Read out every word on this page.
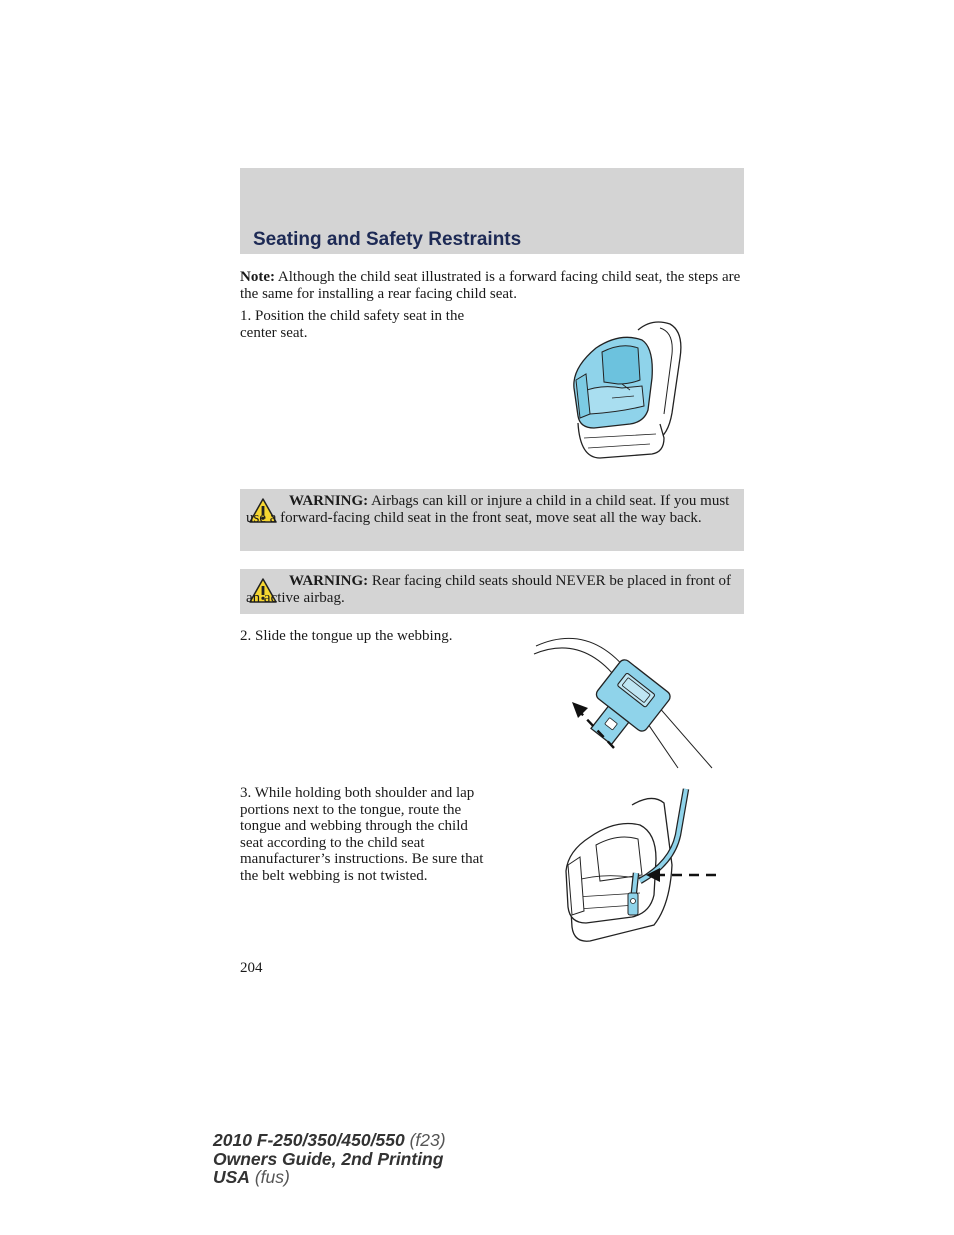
Seating and Safety Restraints

Note: Although the child seat illustrated is a forward facing child seat, the steps are the same for installing a rear facing child seat.

1. Position the child safety seat in the center seat.

WARNING: Airbags can kill or injure a child in a child seat. If you must use a forward-facing child seat in the front seat, move seat all the way back.

WARNING: Rear facing child seats should NEVER be placed in front of an active airbag.

2. Slide the tongue up the webbing.

3. While holding both shoulder and lap portions next to the tongue, route the tongue and webbing through the child seat according to the child seat manufacturer’s instructions. Be sure that the belt webbing is not twisted.

204

2010 F-250/350/450/550 (f23)
Owners Guide, 2nd Printing
USA (fus)
